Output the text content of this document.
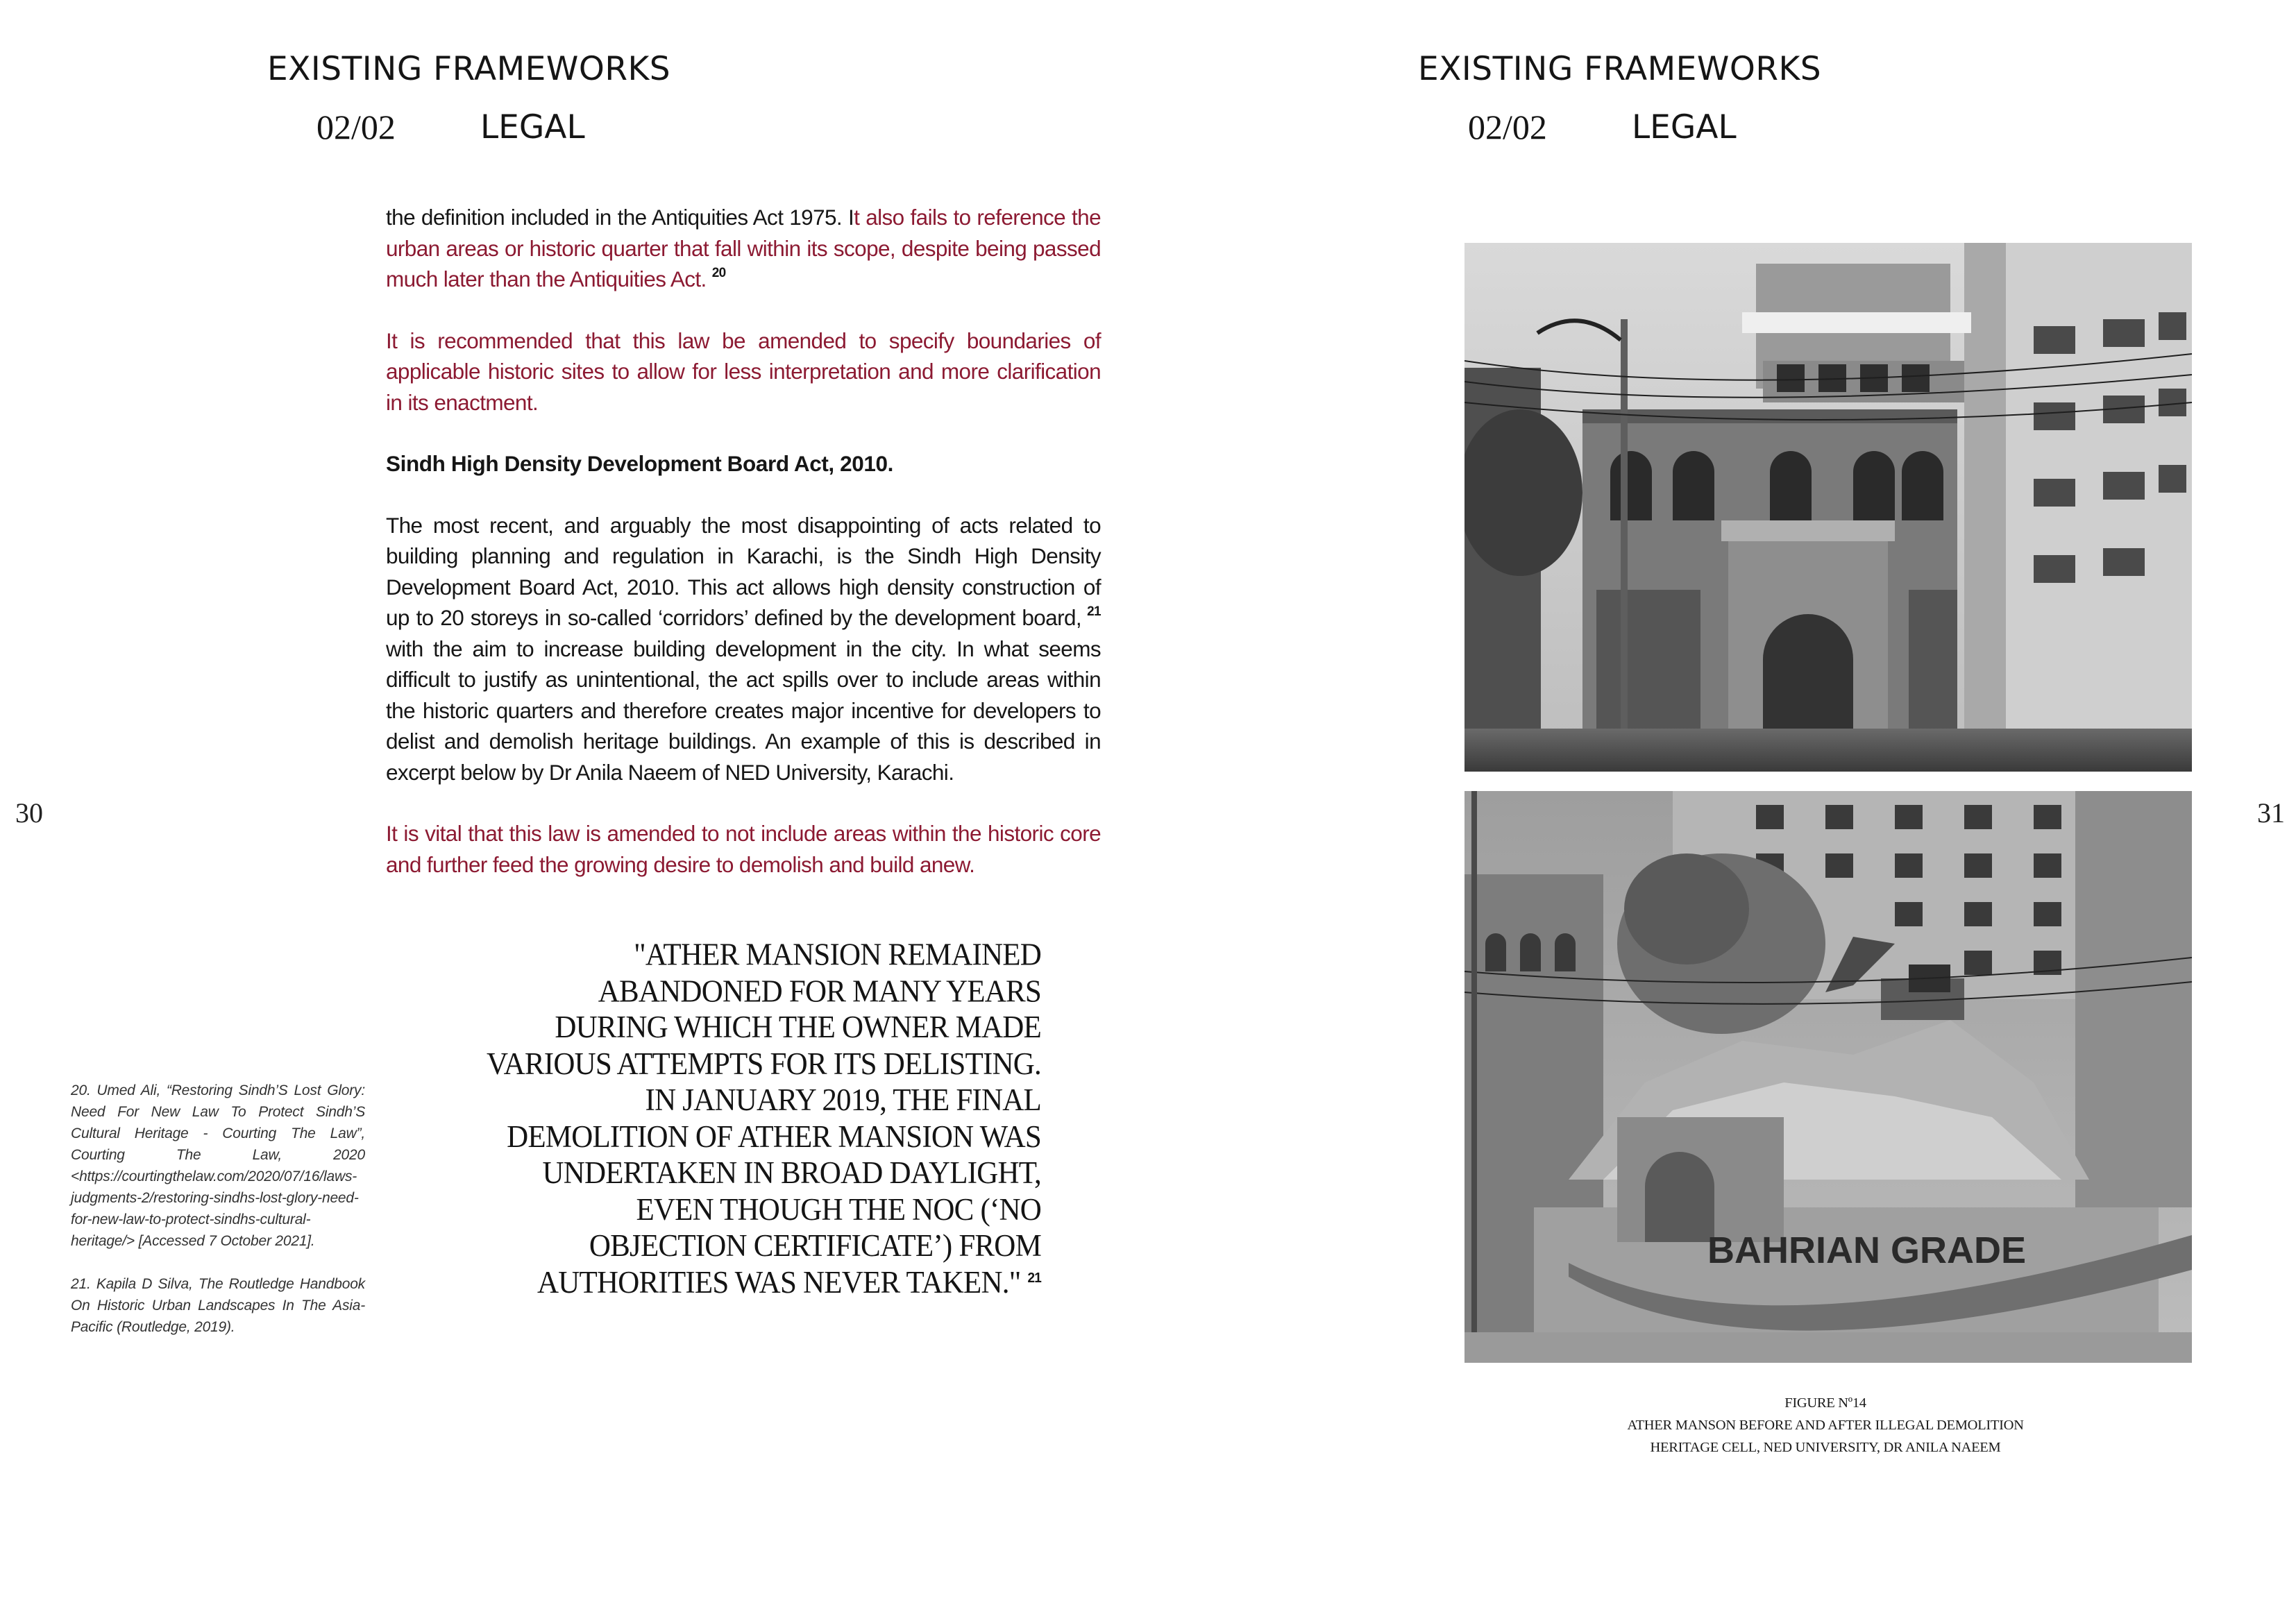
EXISTING FRAMEWORKS
02/02	LEGAL
EXISTING FRAMEWORKS
02/02	LEGAL
30	31

the definition included in the Antiquities Act 1975. It also fails to reference the urban areas or historic quarter that fall within its scope, despite being passed much later than the Antiquities Act. $^{20}$

It is recommended that this law be amended to specify boundaries of applicable historic sites to allow for less interpretation and more clarification in its enactment.

Sindh High Density Development Board Act, 2010.

The most recent, and arguably the most disappointing of acts related to building planning and regulation in Karachi, is the Sindh High Density Development Board Act, 2010. This act allows high density construction of up to 20 storeys in so-called ‘corridors’ defined by the development board, $^{21}$ with the aim to increase building development in the city. In what seems difficult to justify as unintentional, the act spills over to include areas within the historic quarters and therefore creates major incentive for developers to delist and demolish heritage buildings. An example of this is described in excerpt below by Dr Anila Naeem of NED University, Karachi.

It is vital that this law is amended to not include areas within the historic core and further feed the growing desire to demolish and build anew.

"ATHER MANSION REMAINED ABANDONED FOR MANY YEARS DURING WHICH THE OWNER MADE VARIOUS ATTEMPTS FOR ITS DELISTING. IN JANUARY 2019, THE FINAL DEMOLITION OF ATHER MANSION WAS UNDERTAKEN IN BROAD DAYLIGHT, EVEN THOUGH THE NOC (‘NO OBJECTION CERTIFICATE’) FROM AUTHORITIES WAS NEVER TAKEN." $^{21}$

20. Umed Ali, “Restoring Sindh’S Lost Glory: Need For New Law To Protect Sindh’S Cultural Heritage - Courting The Law”, Courting The Law, 2020 <https://courtingthelaw.com/2020/07/16/laws-judgments-2/restoring-sindhs-lost-glory-need-for-new-law-to-protect-sindhs-cultural-heritage/> [Accessed 7 October 2021].

21. Kapila D Silva, The Routledge Handbook On Historic Urban Landscapes In The Asia-Pacific (Routledge, 2019).

BAHRIAN GRADE
FIGURE Nº14
ATHER MANSON BEFORE AND AFTER ILLEGAL DEMOLITION
HERITAGE CELL, NED UNIVERSITY, DR ANILA NAEEM
